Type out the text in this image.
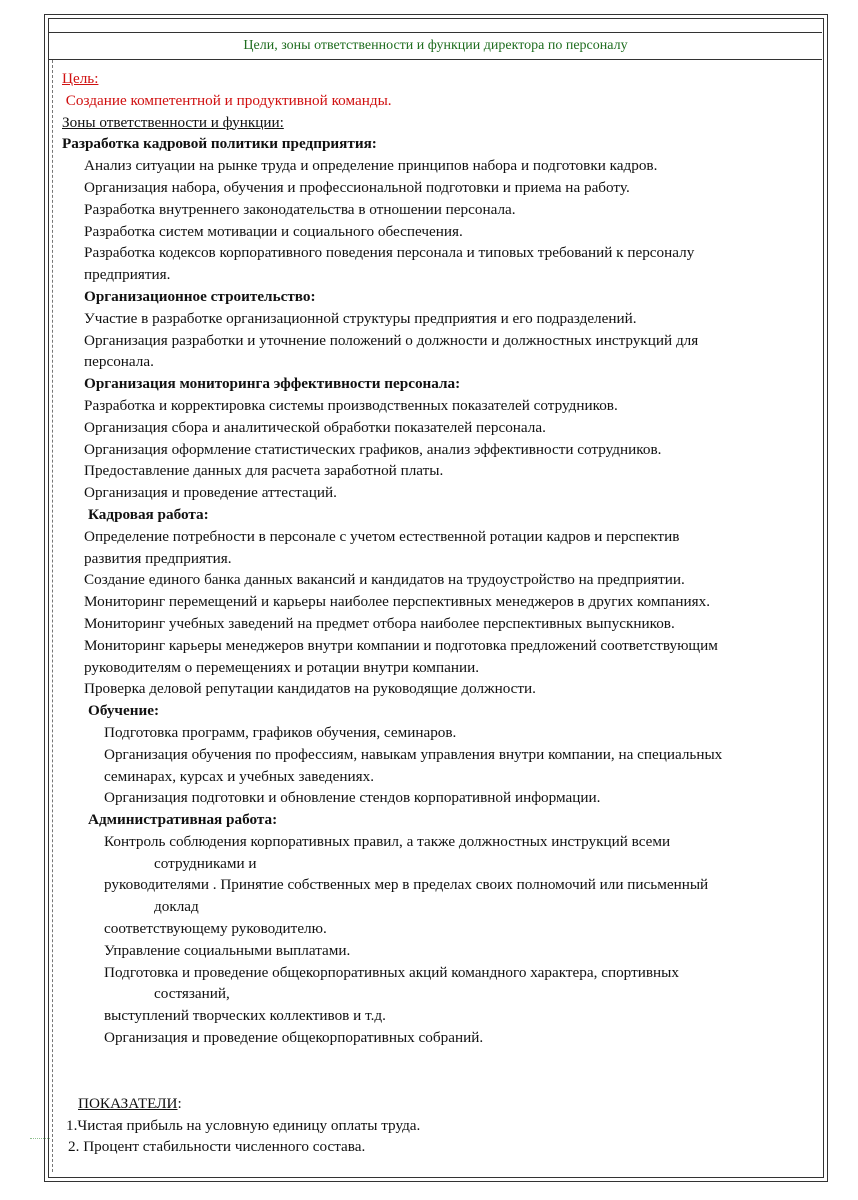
Цели, зоны ответственности и функции директора по персоналу
Цель:
Создание компетентной и продуктивной команды.
Зоны ответственности и функции:
Разработка кадровой политики предприятия:
Анализ ситуации на рынке труда и определение принципов набора и подготовки кадров.
Организация набора, обучения и профессиональной подготовки и приема на работу.
Разработка внутреннего законодательства в отношении персонала.
Разработка систем мотивации и социального обеспечения.
Разработка кодексов корпоративного поведения персонала и типовых требований к персоналу
предприятия.
Организационное строительство:
Участие в разработке организационной структуры предприятия и его подразделений.
Организация разработки и уточнение положений о должности и должностных инструкций для
персонала.
Организация мониторинга эффективности персонала:
Разработка и корректировка системы производственных показателей сотрудников.
Организация сбора и аналитической обработки показателей персонала.
Организация оформление статистических графиков, анализ эффективности сотрудников.
Предоставление данных для расчета заработной платы.
Организация и проведение аттестаций.
Кадровая работа:
Определение потребности в персонале с учетом естественной ротации кадров и перспектив
развития предприятия.
Создание единого банка данных вакансий и кандидатов на трудоустройство на предприятии.
Мониторинг перемещений и карьеры наиболее перспективных менеджеров в других компаниях.
Мониторинг учебных заведений на предмет отбора наиболее перспективных выпускников.
Мониторинг карьеры менеджеров внутри компании и подготовка предложений соответствующим
руководителям о перемещениях и ротации внутри компании.
Проверка деловой репутации кандидатов на руководящие должности.
Обучение:
Подготовка программ, графиков обучения, семинаров.
Организация обучения по профессиям, навыкам управления внутри компании, на специальных
семинарах, курсах и учебных заведениях.
Организация подготовки и обновление стендов корпоративной информации.
Административная работа:
Контроль соблюдения корпоративных правил, а также должностных инструкций всеми
сотрудниками и
руководителями . Принятие собственных мер в пределах своих полномочий или письменный
доклад
соответствующему руководителю.
Управление социальными выплатами.
Подготовка и проведение общекорпоративных акций командного характера, спортивных
состязаний,
выступлений творческих коллективов и т.д.
Организация и проведение общекорпоративных собраний.
ПОКАЗАТЕЛИ:
1.Чистая прибыль на условную единицу оплаты труда.
2. Процент стабильности численного состава.
